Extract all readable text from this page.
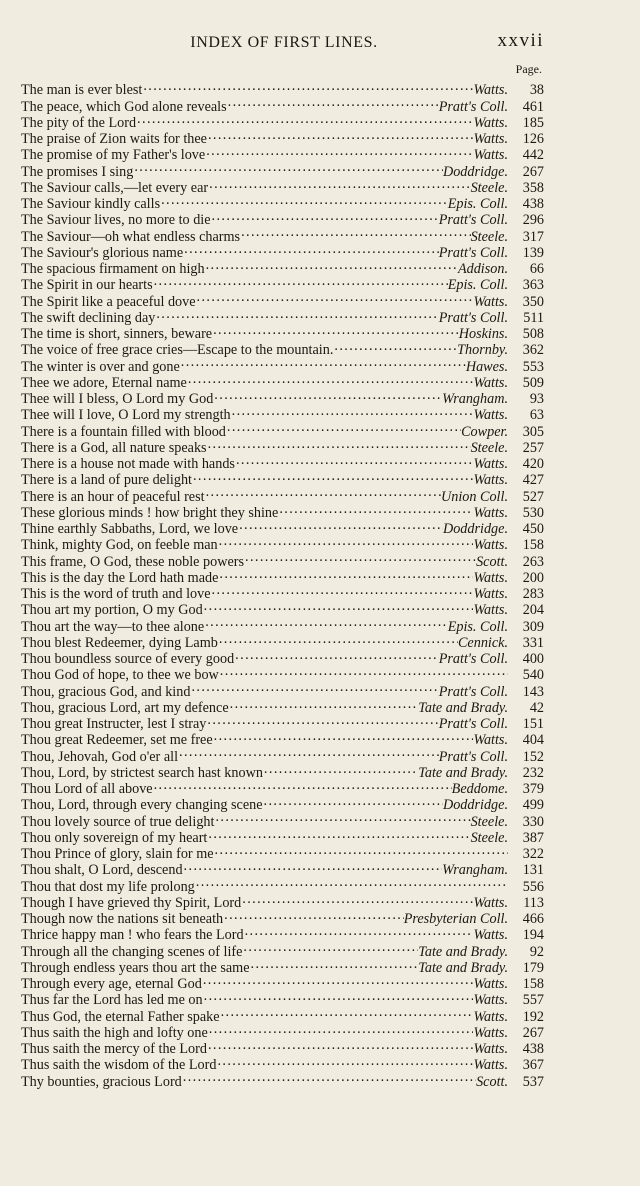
INDEX OF FIRST LINES.	xxvii
Page.
The man is ever blest .....	Watts.	38
The peace, which God alone reveals .....	Pratt's Coll.	461
The pity of the Lord .....	Watts.	185
The praise of Zion waits for thee .....	Watts.	126
The promise of my Father's love .....	Watts.	442
The promises I sing .....	Doddridge.	267
The Saviour calls,—let every ear .....	Steele.	358
The Saviour kindly calls .....	Epis. Coll.	438
The Saviour lives, no more to die .....	Pratt's Coll.	296
The Saviour—oh what endless charms .....	Steele.	317
The Saviour's glorious name .....	Pratt's Coll.	139
The spacious firmament on high .....	Addison.	66
The Spirit in our hearts .....	Epis. Coll.	363
The Spirit like a peaceful dove .....	Watts.	350
The swift declining day .....	Pratt's Coll.	511
The time is short, sinners, beware .....	Hoskins.	508
The voice of free grace cries—Escape to the mountain. .....	Thornby.	362
The winter is over and gone .....	Hawes.	553
Thee we adore, Eternal name .....	Watts.	509
Thee will I bless, O Lord my God .....	Wrangham.	93
Thee will I love, O Lord my strength .....	Watts.	63
There is a fountain filled with blood .....	Cowper.	305
There is a God, all nature speaks .....	Steele.	257
There is a house not made with hands .....	Watts.	420
There is a land of pure delight .....	Watts.	427
There is an hour of peaceful rest .....	Union Coll.	527
These glorious minds ! how bright they shine .....	Watts.	530
Thine earthly Sabbaths, Lord, we love .....	Doddridge.	450
Think, mighty God, on feeble man .....	Watts.	158
This frame, O God, these noble powers .....	Scott.	263
This is the day the Lord hath made .....	Watts.	200
This is the word of truth and love .....	Watts.	283
Thou art my portion, O my God .....	Watts.	204
Thou art the way—to thee alone .....	Epis. Coll.	309
Thou blest Redeemer, dying Lamb .....	Cennick.	331
Thou boundless source of every good .....	Pratt's Coll.	400
Thou God of hope, to thee we bow .....	540
Thou, gracious God, and kind .....	Pratt's Coll.	143
Thou, gracious Lord, art my defence .....	Tate and Brady.	42
Thou great Instructer, lest I stray .....	Pratt's Coll.	151
Thou great Redeemer, set me free .....	Watts.	404
Thou, Jehovah, God o'er all .....	Pratt's Coll.	152
Thou, Lord, by strictest search hast known .....	Tate and Brady.	232
Thou Lord of all above .....	Beddome.	379
Thou, Lord, through every changing scene .....	Doddridge.	499
Thou lovely source of true delight .....	Steele.	330
Thou only sovereign of my heart .....	Steele.	387
Thou Prince of glory, slain for me .....	322
Thou shalt, O Lord, descend .....	Wrangham.	131
Thou that dost my life prolong .....	556
Though I have grieved thy Spirit, Lord .....	Watts.	113
Though now the nations sit beneath .....	Presbyterian Coll.	466
Thrice happy man ! who fears the Lord .....	Watts.	194
Through all the changing scenes of life .....	Tate and Brady.	92
Through endless years thou art the same .....	Tate and Brady.	179
Through every age, eternal God .....	Watts.	158
Thus far the Lord has led me on .....	Watts.	557
Thus God, the eternal Father spake .....	Watts.	192
Thus saith the high and lofty one .....	Watts.	267
Thus saith the mercy of the Lord .....	Watts.	438
Thus saith the wisdom of the Lord .....	Watts.	367
Thy bounties, gracious Lord .....	Scott.	537
